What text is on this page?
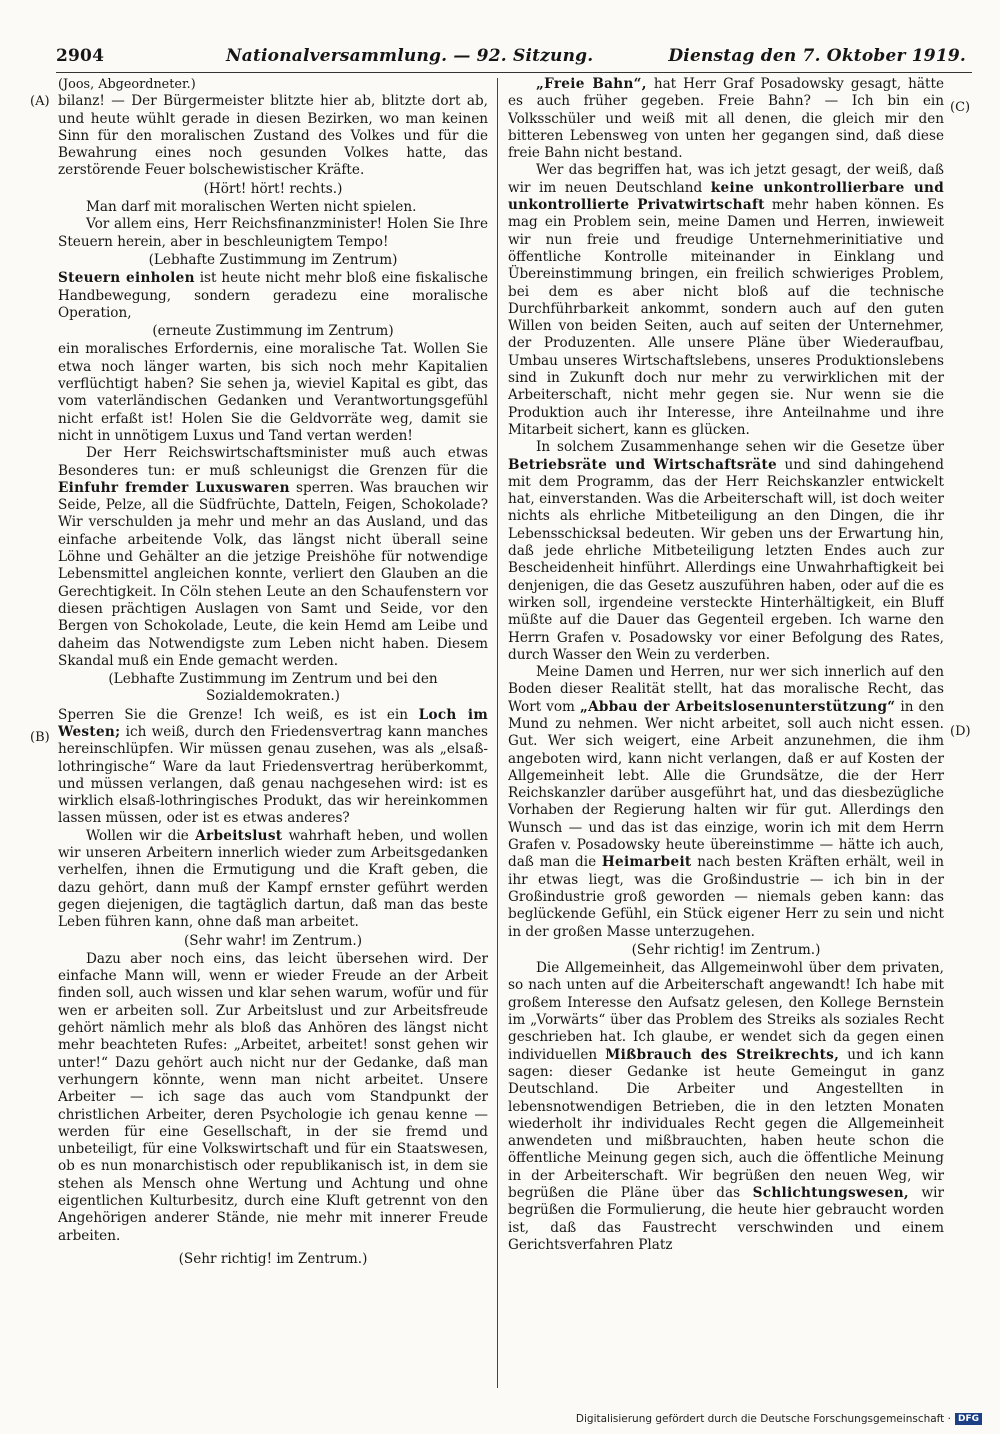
2904	Nationalversammlung. — 92. Sitzung.	Dienstag den 7. Oktober 1919.
(A)
(B)
(C)
(D)

(Joos, Abgeordneter.)

bilanz! — Der Bürgermeister blitzte hier ab, blitzte dort ab, und heute wühlt gerade in diesen Bezirken, wo man keinen Sinn für den moralischen Zustand des Volkes und für die Bewahrung eines noch gesunden Volkes hatte, das zerstörende Feuer bolschewistischer Kräfte.

(Hört! hört! rechts.)

Man darf mit moralischen Werten nicht spielen.

Vor allem eins, Herr Reichsfinanzminister! Holen Sie Ihre Steuern herein, aber in beschleunigtem Tempo!

(Lebhafte Zustimmung im Zentrum)

Steuern einholen ist heute nicht mehr bloß eine fiskalische Handbewegung, sondern geradezu eine moralische Operation,

(erneute Zustimmung im Zentrum)

ein moralisches Erfordernis, eine moralische Tat. Wollen Sie etwa noch länger warten, bis sich noch mehr Kapitalien verflüchtigt haben? Sie sehen ja, wieviel Kapital es gibt, das vom vaterländischen Gedanken und Verantwortungsgefühl nicht erfaßt ist! Holen Sie die Geldvorräte weg, damit sie nicht in unnötigem Luxus und Tand vertan werden!

Der Herr Reichswirtschaftsminister muß auch etwas Besonderes tun: er muß schleunigst die Grenzen für die Einfuhr fremder Luxuswaren sperren. Was brauchen wir Seide, Pelze, all die Südfrüchte, Datteln, Feigen, Schokolade? Wir verschulden ja mehr und mehr an das Ausland, und das einfache arbeitende Volk, das längst nicht überall seine Löhne und Gehälter an die jetzige Preishöhe für notwendige Lebensmittel angleichen konnte, verliert den Glauben an die Gerechtigkeit. In Cöln stehen Leute an den Schaufenstern vor diesen prächtigen Auslagen von Samt und Seide, vor den Bergen von Schokolade, Leute, die kein Hemd am Leibe und daheim das Notwendigste zum Leben nicht haben. Diesem Skandal muß ein Ende gemacht werden.

(Lebhafte Zustimmung im Zentrum und bei den Sozialdemokraten.)

Sperren Sie die Grenze! Ich weiß, es ist ein Loch im Westen; ich weiß, durch den Friedensvertrag kann manches hereinschlüpfen. Wir müssen genau zusehen, was als „elsaß-lothringische“ Ware da laut Friedensvertrag herüberkommt, und müssen verlangen, daß genau nachgesehen wird: ist es wirklich elsaß-lothringisches Produkt, das wir hereinkommen lassen müssen, oder ist es etwas anderes?

Wollen wir die Arbeitslust wahrhaft heben, und wollen wir unseren Arbeitern innerlich wieder zum Arbeitsgedanken verhelfen, ihnen die Ermutigung und die Kraft geben, die dazu gehört, dann muß der Kampf ernster geführt werden gegen diejenigen, die tagtäglich dartun, daß man das beste Leben führen kann, ohne daß man arbeitet.

(Sehr wahr! im Zentrum.)

Dazu aber noch eins, das leicht übersehen wird. Der einfache Mann will, wenn er wieder Freude an der Arbeit finden soll, auch wissen und klar sehen warum, wofür und für wen er arbeiten soll. Zur Arbeitslust und zur Arbeitsfreude gehört nämlich mehr als bloß das Anhören des längst nicht mehr beachteten Rufes: „Arbeitet, arbeitet! sonst gehen wir unter!“ Dazu gehört auch nicht nur der Gedanke, daß man verhungern könnte, wenn man nicht arbeitet. Unsere Arbeiter — ich sage das auch vom Standpunkt der christlichen Arbeiter, deren Psychologie ich genau kenne — werden für eine Gesellschaft, in der sie fremd und unbeteiligt, für eine Volkswirtschaft und für ein Staatswesen, ob es nun monarchistisch oder republikanisch ist, in dem sie stehen als Mensch ohne Wertung und Achtung und ohne eigentlichen Kulturbesitz, durch eine Kluft getrennt von den Angehörigen anderer Stände, nie mehr mit innerer Freude arbeiten.

(Sehr richtig! im Zentrum.)

„Freie Bahn“, hat Herr Graf Posadowsky gesagt, hätte es auch früher gegeben. Freie Bahn? — Ich bin ein Volksschüler und weiß mit all denen, die gleich mir den bitteren Lebensweg von unten her gegangen sind, daß diese freie Bahn nicht bestand.

Wer das begriffen hat, was ich jetzt gesagt, der weiß, daß wir im neuen Deutschland keine unkontrollierbare und unkontrollierte Privatwirtschaft mehr haben können. Es mag ein Problem sein, meine Damen und Herren, inwieweit wir nun freie und freudige Unternehmerinitiative und öffentliche Kontrolle miteinander in Einklang und Übereinstimmung bringen, ein freilich schwieriges Problem, bei dem es aber nicht bloß auf die technische Durchführbarkeit ankommt, sondern auch auf den guten Willen von beiden Seiten, auch auf seiten der Unternehmer, der Produzenten. Alle unsere Pläne über Wiederaufbau, Umbau unseres Wirtschaftslebens, unseres Produktionslebens sind in Zukunft doch nur mehr zu verwirklichen mit der Arbeiterschaft, nicht mehr gegen sie. Nur wenn sie die Produktion auch ihr Interesse, ihre Anteilnahme und ihre Mitarbeit sichert, kann es glücken.

In solchem Zusammenhange sehen wir die Gesetze über Betriebsräte und Wirtschaftsräte und sind dahingehend mit dem Programm, das der Herr Reichskanzler entwickelt hat, einverstanden. Was die Arbeiterschaft will, ist doch weiter nichts als ehrliche Mitbeteiligung an den Dingen, die ihr Lebensschicksal bedeuten. Wir geben uns der Erwartung hin, daß jede ehrliche Mitbeteiligung letzten Endes auch zur Bescheidenheit hinführt. Allerdings eine Unwahrhaftigkeit bei denjenigen, die das Gesetz auszuführen haben, oder auf die es wirken soll, irgendeine versteckte Hinterhältigkeit, ein Bluff müßte auf die Dauer das Gegenteil ergeben. Ich warne den Herrn Grafen v. Posadowsky vor einer Befolgung des Rates, durch Wasser den Wein zu verderben.

Meine Damen und Herren, nur wer sich innerlich auf den Boden dieser Realität stellt, hat das moralische Recht, das Wort vom „Abbau der Arbeitslosenunterstützung“ in den Mund zu nehmen. Wer nicht arbeitet, soll auch nicht essen. Gut. Wer sich weigert, eine Arbeit anzunehmen, die ihm angeboten wird, kann nicht verlangen, daß er auf Kosten der Allgemeinheit lebt. Alle die Grundsätze, die der Herr Reichskanzler darüber ausgeführt hat, und das diesbezügliche Vorhaben der Regierung halten wir für gut. Allerdings den Wunsch — und das ist das einzige, worin ich mit dem Herrn Grafen v. Posadowsky heute übereinstimme — hätte ich auch, daß man die Heimarbeit nach besten Kräften erhält, weil in ihr etwas liegt, was die Großindustrie — ich bin in der Großindustrie groß geworden — niemals geben kann: das beglückende Gefühl, ein Stück eigener Herr zu sein und nicht in der großen Masse unterzugehen.

(Sehr richtig! im Zentrum.)

Die Allgemeinheit, das Allgemeinwohl über dem privaten, so nach unten auf die Arbeiterschaft angewandt! Ich habe mit großem Interesse den Aufsatz gelesen, den Kollege Bernstein im „Vorwärts“ über das Problem des Streiks als soziales Recht geschrieben hat. Ich glaube, er wendet sich da gegen einen individuellen Mißbrauch des Streikrechts, und ich kann sagen: dieser Gedanke ist heute Gemeingut in ganz Deutschland. Die Arbeiter und Angestellten in lebensnotwendigen Betrieben, die in den letzten Monaten wiederholt ihr individuales Recht gegen die Allgemeinheit anwendeten und mißbrauchten, haben heute schon die öffentliche Meinung gegen sich, auch die öffentliche Meinung in der Arbeiterschaft. Wir begrüßen den neuen Weg, wir begrüßen die Pläne über das Schlichtungswesen, wir begrüßen die Formulierung, die heute hier gebraucht worden ist, daß das Faustrecht verschwinden und einem Gerichtsverfahren Platz

Digitalisierung gefördert durch die Deutsche Forschungsgemeinschaft · DFG
